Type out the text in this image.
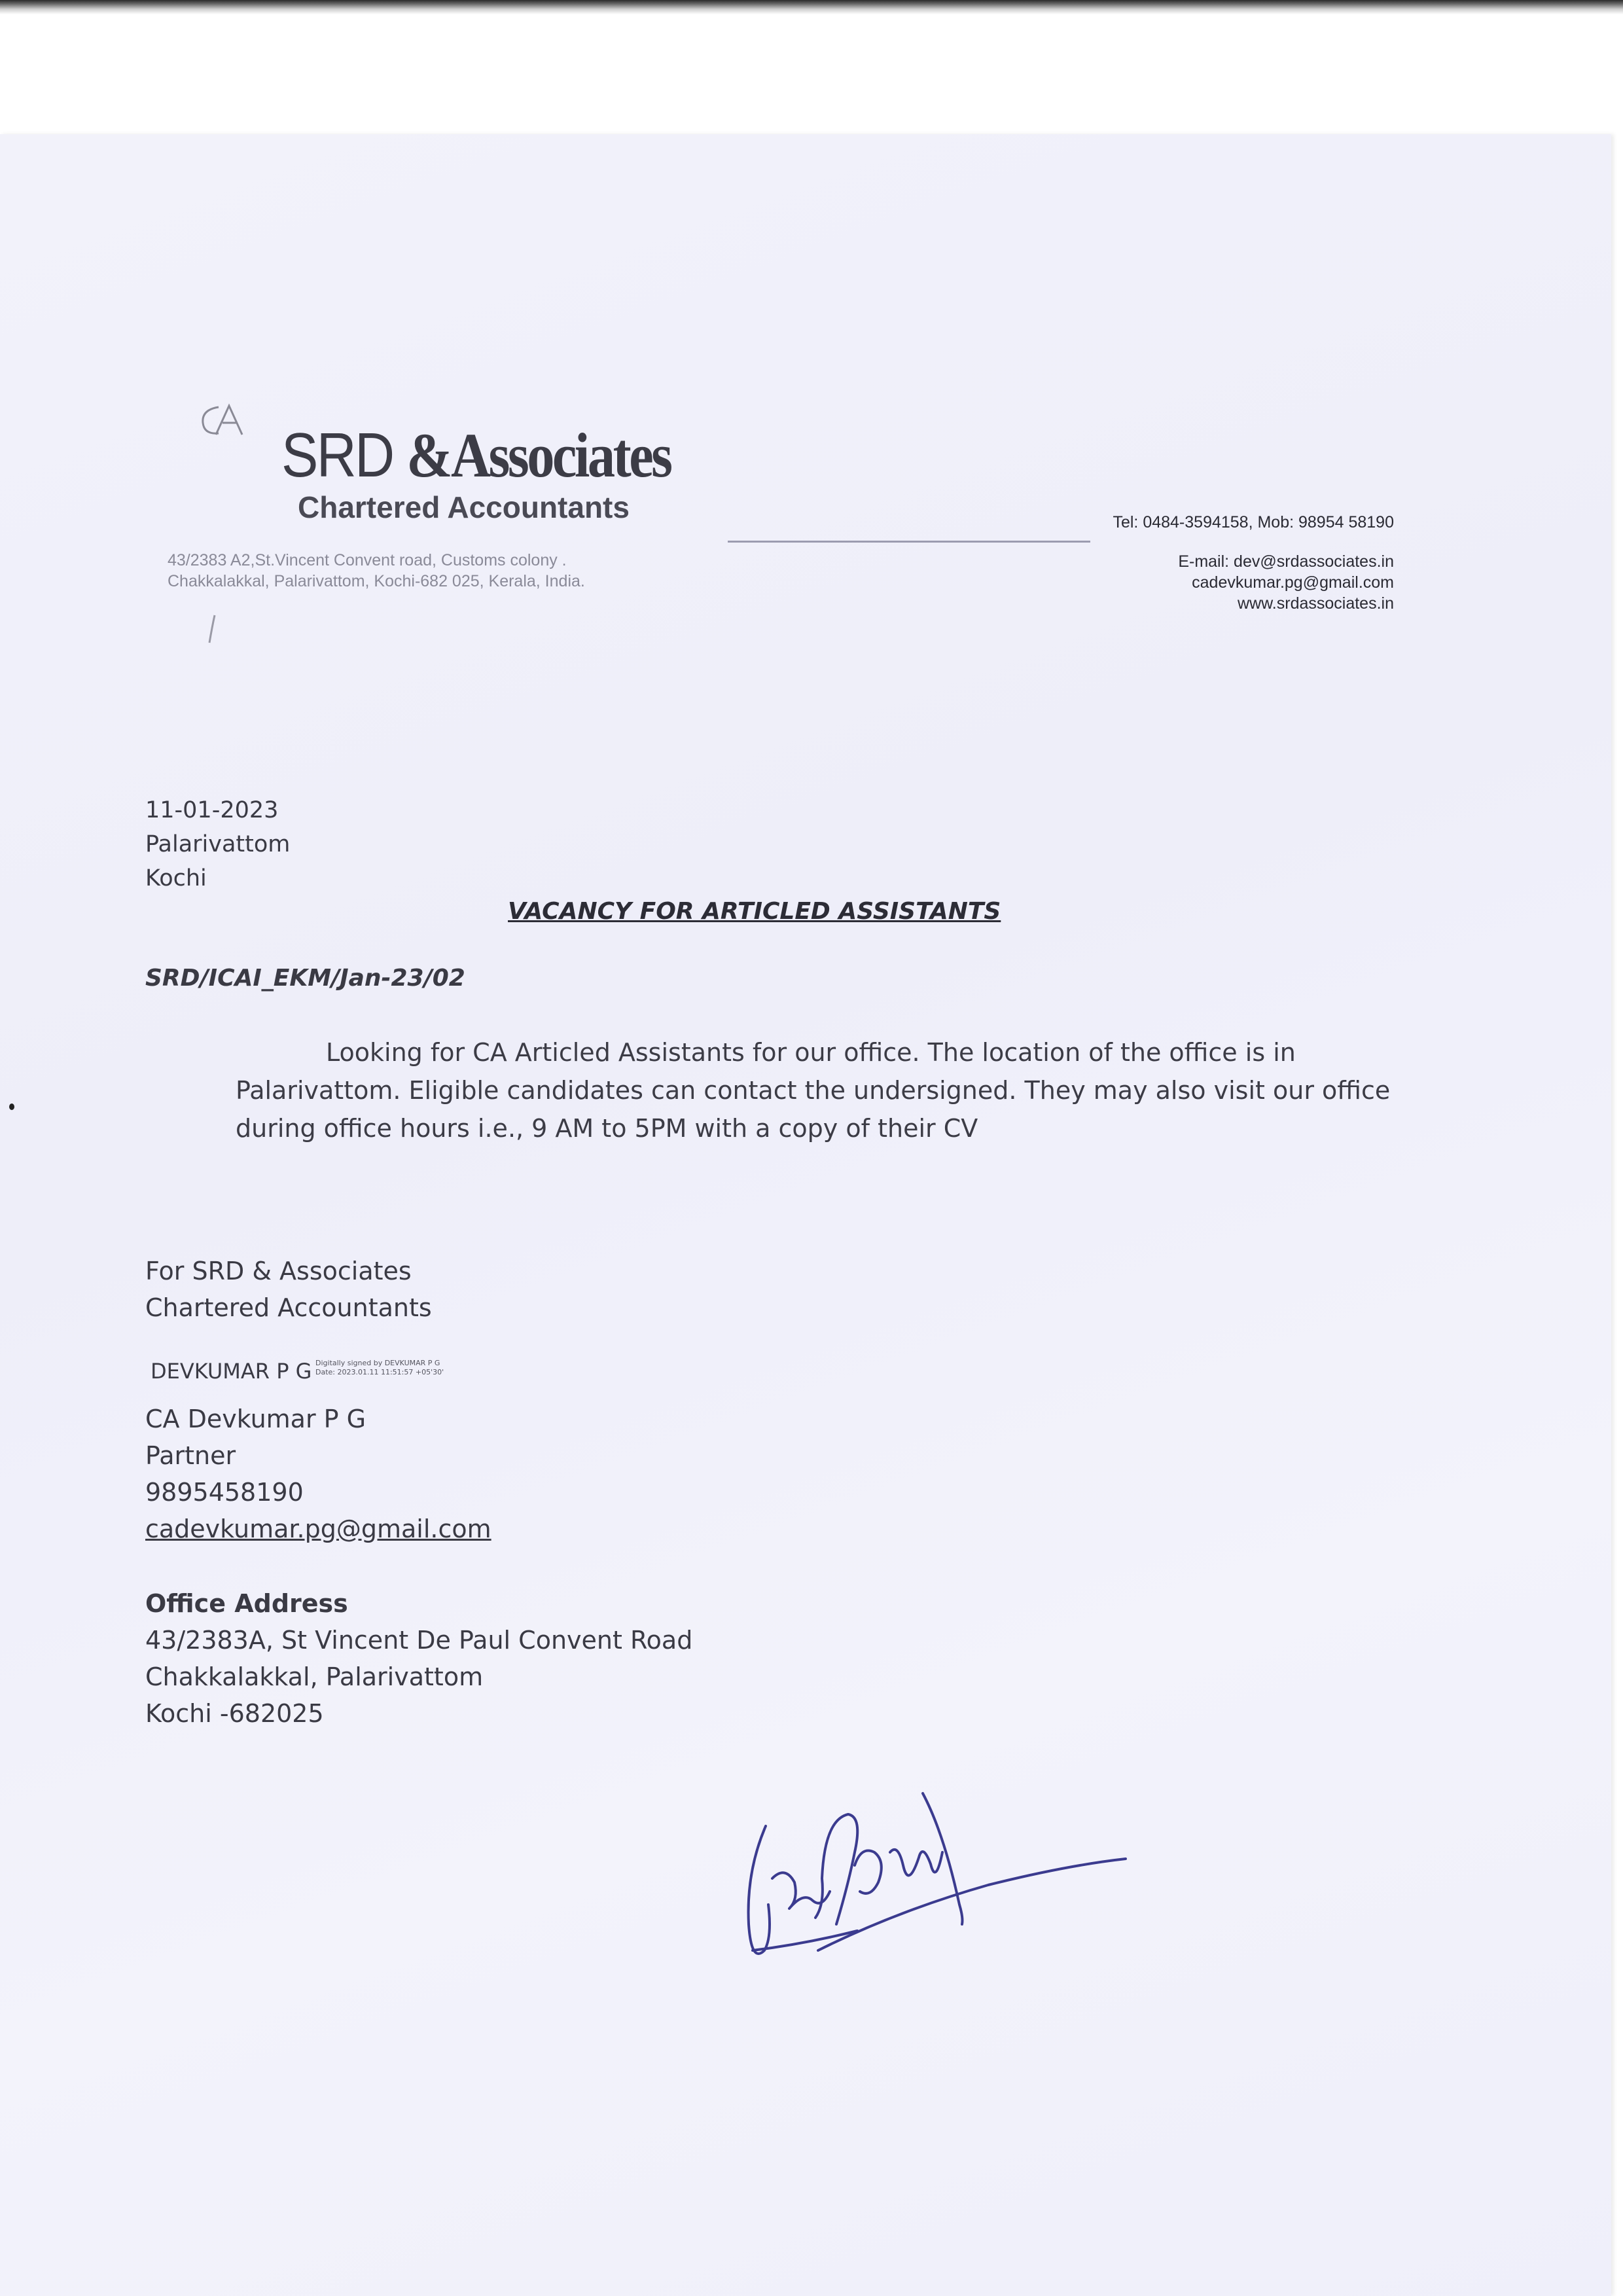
SRD &Associates
Chartered Accountants
43/2383 A2,St.Vincent Convent road, Customs colony .
Chakkalakkal, Palarivattom, Kochi-682 025, Kerala, India.
Tel: 0484-3594158, Mob: 98954 58190
E-mail: dev@srdassociates.in
cadevkumar.pg@gmail.com
www.srdassociates.in
11-01-2023
Palarivattom
Kochi
VACANCY FOR ARTICLED ASSISTANTS
SRD/ICAI_EKM/Jan-23/02
Looking for CA Articled Assistants for our office. The location of the office is in
Palarivattom. Eligible candidates can contact the undersigned. They may also visit our office
during office hours i.e., 9 AM to 5PM with a copy of their CV
For SRD & Associates
Chartered Accountants
DEVKUMAR P G Digitally signed by DEVKUMAR P G
Date: 2023.01.11 11:51:57 +05'30'
CA Devkumar P G
Partner
9895458190
cadevkumar.pg@gmail.com
Office Address
43/2383A, St Vincent De Paul Convent Road
Chakkalakkal, Palarivattom
Kochi -682025
